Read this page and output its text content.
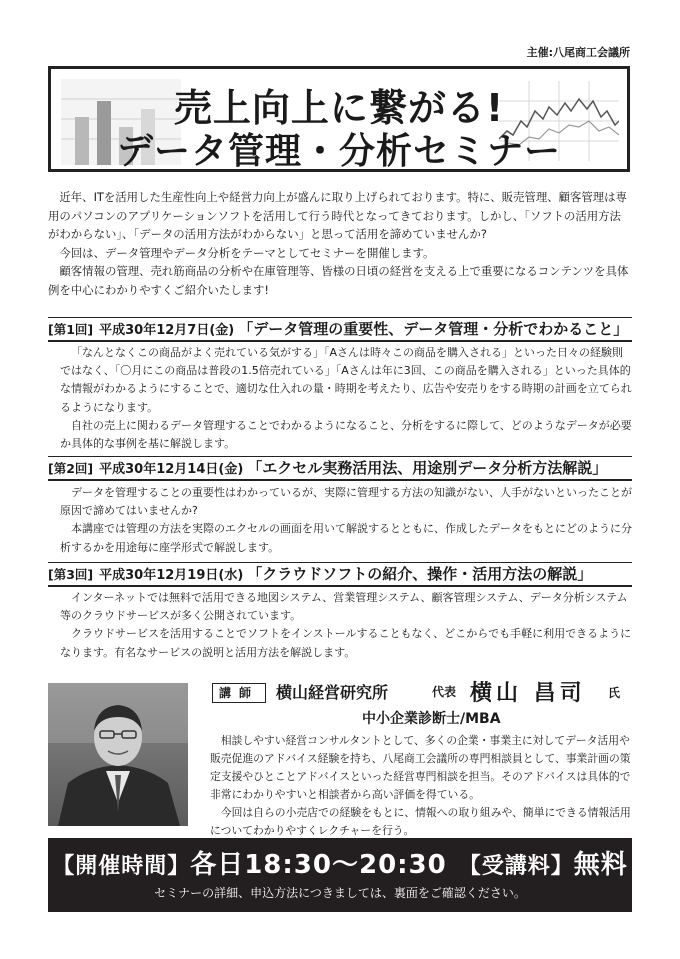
主催:八尾商工会議所
売上向上に繋がる!
データ管理・分析セミナー

近年、ITを活用した生産性向上や経営力向上が盛んに取り上げられております。特に、販売管理、顧客管理は専用のパソコンのアプリケーションソフトを活用して行う時代となってきております。しかし、「ソフトの活用方法がわからない」、「データの活用方法がわからない」と思って活用を諦めていませんか?

今回は、データ管理やデータ分析をテーマとしてセミナーを開催します。

顧客情報の管理、売れ筋商品の分析や在庫管理等、皆様の日頃の経営を支える上で重要になるコンテンツを具体例を中心にわかりやすくご紹介いたします!

[第1回] 平成30年12月7日(金) 「データ管理の重要性、データ管理・分析でわかること」

「なんとなくこの商品がよく売れている気がする」「Aさんは時々この商品を購入される」といった日々の経験則ではなく、「〇月にこの商品は普段の1.5倍売れている」「Aさんは年に3回、この商品を購入される」といった具体的な情報がわかるようにすることで、適切な仕入れの量・時期を考えたり、広告や安売りをする時期の計画を立てられるようになります。

自社の売上に関わるデータ管理することでわかるようになること、分析をするに際して、どのようなデータが必要か具体的な事例を基に解説します。

[第2回] 平成30年12月14日(金) 「エクセル実務活用法、用途別データ分析方法解説」

データを管理することの重要性はわかっているが、実際に管理する方法の知識がない、人手がないといったことが原因で諦めてはいませんか?

本講座では管理の方法を実際のエクセルの画面を用いて解説するとともに、作成したデータをもとにどのように分析するかを用途毎に座学形式で解説します。

[第3回] 平成30年12月19日(水) 「クラウドソフトの紹介、操作・活用方法の解説」

インターネットでは無料で活用できる地図システム、営業管理システム、顧客管理システム、データ分析システム等のクラウドサービスが多く公開されています。

クラウドサービスを活用することでソフトをインストールすることもなく、どこからでも手軽に利用できるようになります。有名なサービスの説明と活用方法を解説します。

講師	横山経営研究所	代表 横山 昌司 氏
中小企業診断士/MBA

相談しやすい経営コンサルタントとして、多くの企業・事業主に対してデータ活用や販売促進のアドバイス経験を持ち、八尾商工会議所の専門相談員として、事業計画の策定支援やひとことアドバイスといった経営専門相談を担当。そのアドバイスは具体的で非常にわかりやすいと相談者から高い評価を得ている。

今回は自らの小売店での経験をもとに、情報への取り組みや、簡単にできる情報活用についてわかりやすくレクチャーを行う。

【開催時間】各日18:30〜20:30　 【受講料】無料
セミナーの詳細、申込方法につきましては、裏面をご確認ください。
